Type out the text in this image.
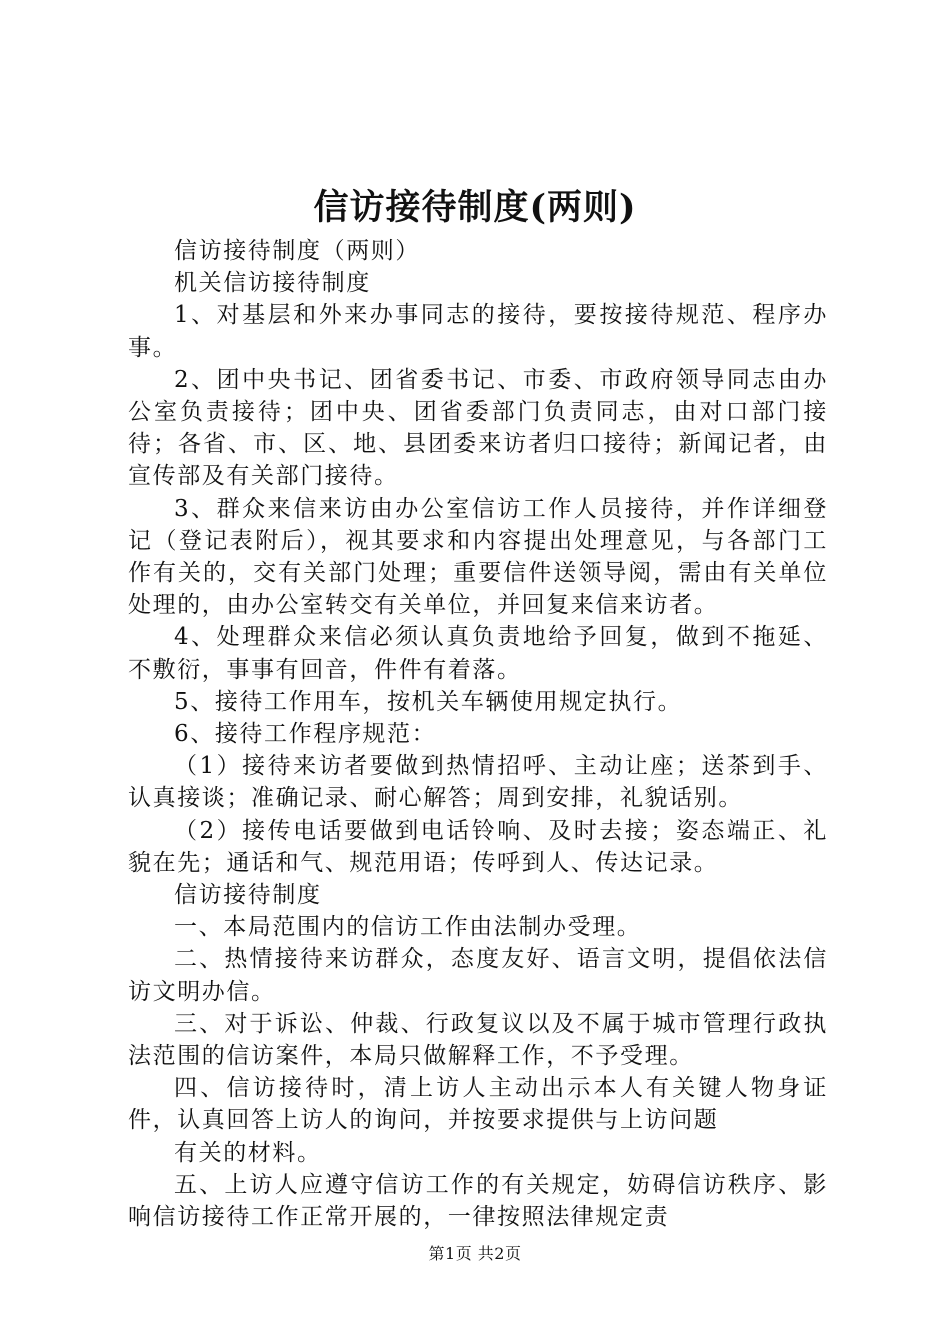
信访接待制度(两则)

信访接待制度（两则）

机关信访接待制度

1、对基层和外来办事同志的接待，要按接待规范、程序办事。

2、团中央书记、团省委书记、市委、市政府领导同志由办公室负责接待；团中央、团省委部门负责同志，由对口部门接待；各省、市、区、地、县团委来访者归口接待；新闻记者，由宣传部及有关部门接待。

3、群众来信来访由办公室信访工作人员接待，并作详细登记（登记表附后），视其要求和内容提出处理意见，与各部门工作有关的，交有关部门处理；重要信件送领导阅，需由有关单位处理的，由办公室转交有关单位，并回复来信来访者。

4、处理群众来信必须认真负责地给予回复，做到不拖延、不敷衍，事事有回音，件件有着落。

5、接待工作用车，按机关车辆使用规定执行。

6、接待工作程序规范：

（1）接待来访者要做到热情招呼、主动让座；送茶到手、认真接谈；准确记录、耐心解答；周到安排，礼貌话别。

（2）接传电话要做到电话铃响、及时去接；姿态端正、礼貌在先；通话和气、规范用语；传呼到人、传达记录。

信访接待制度

一、本局范围内的信访工作由法制办受理。

二、热情接待来访群众，态度友好、语言文明，提倡依法信访文明办信。

三、对于诉讼、仲裁、行政复议以及不属于城市管理行政执法范围的信访案件，本局只做解释工作，不予受理。

四、信访接待时，清上访人主动出示本人有关键人物身证件，认真回答上访人的询问，并按要求提供与上访问题

有关的材料。

五、上访人应遵守信访工作的有关规定，妨碍信访秩序、影响信访接待工作正常开展的，一律按照法律规定责

第1页 共2页
